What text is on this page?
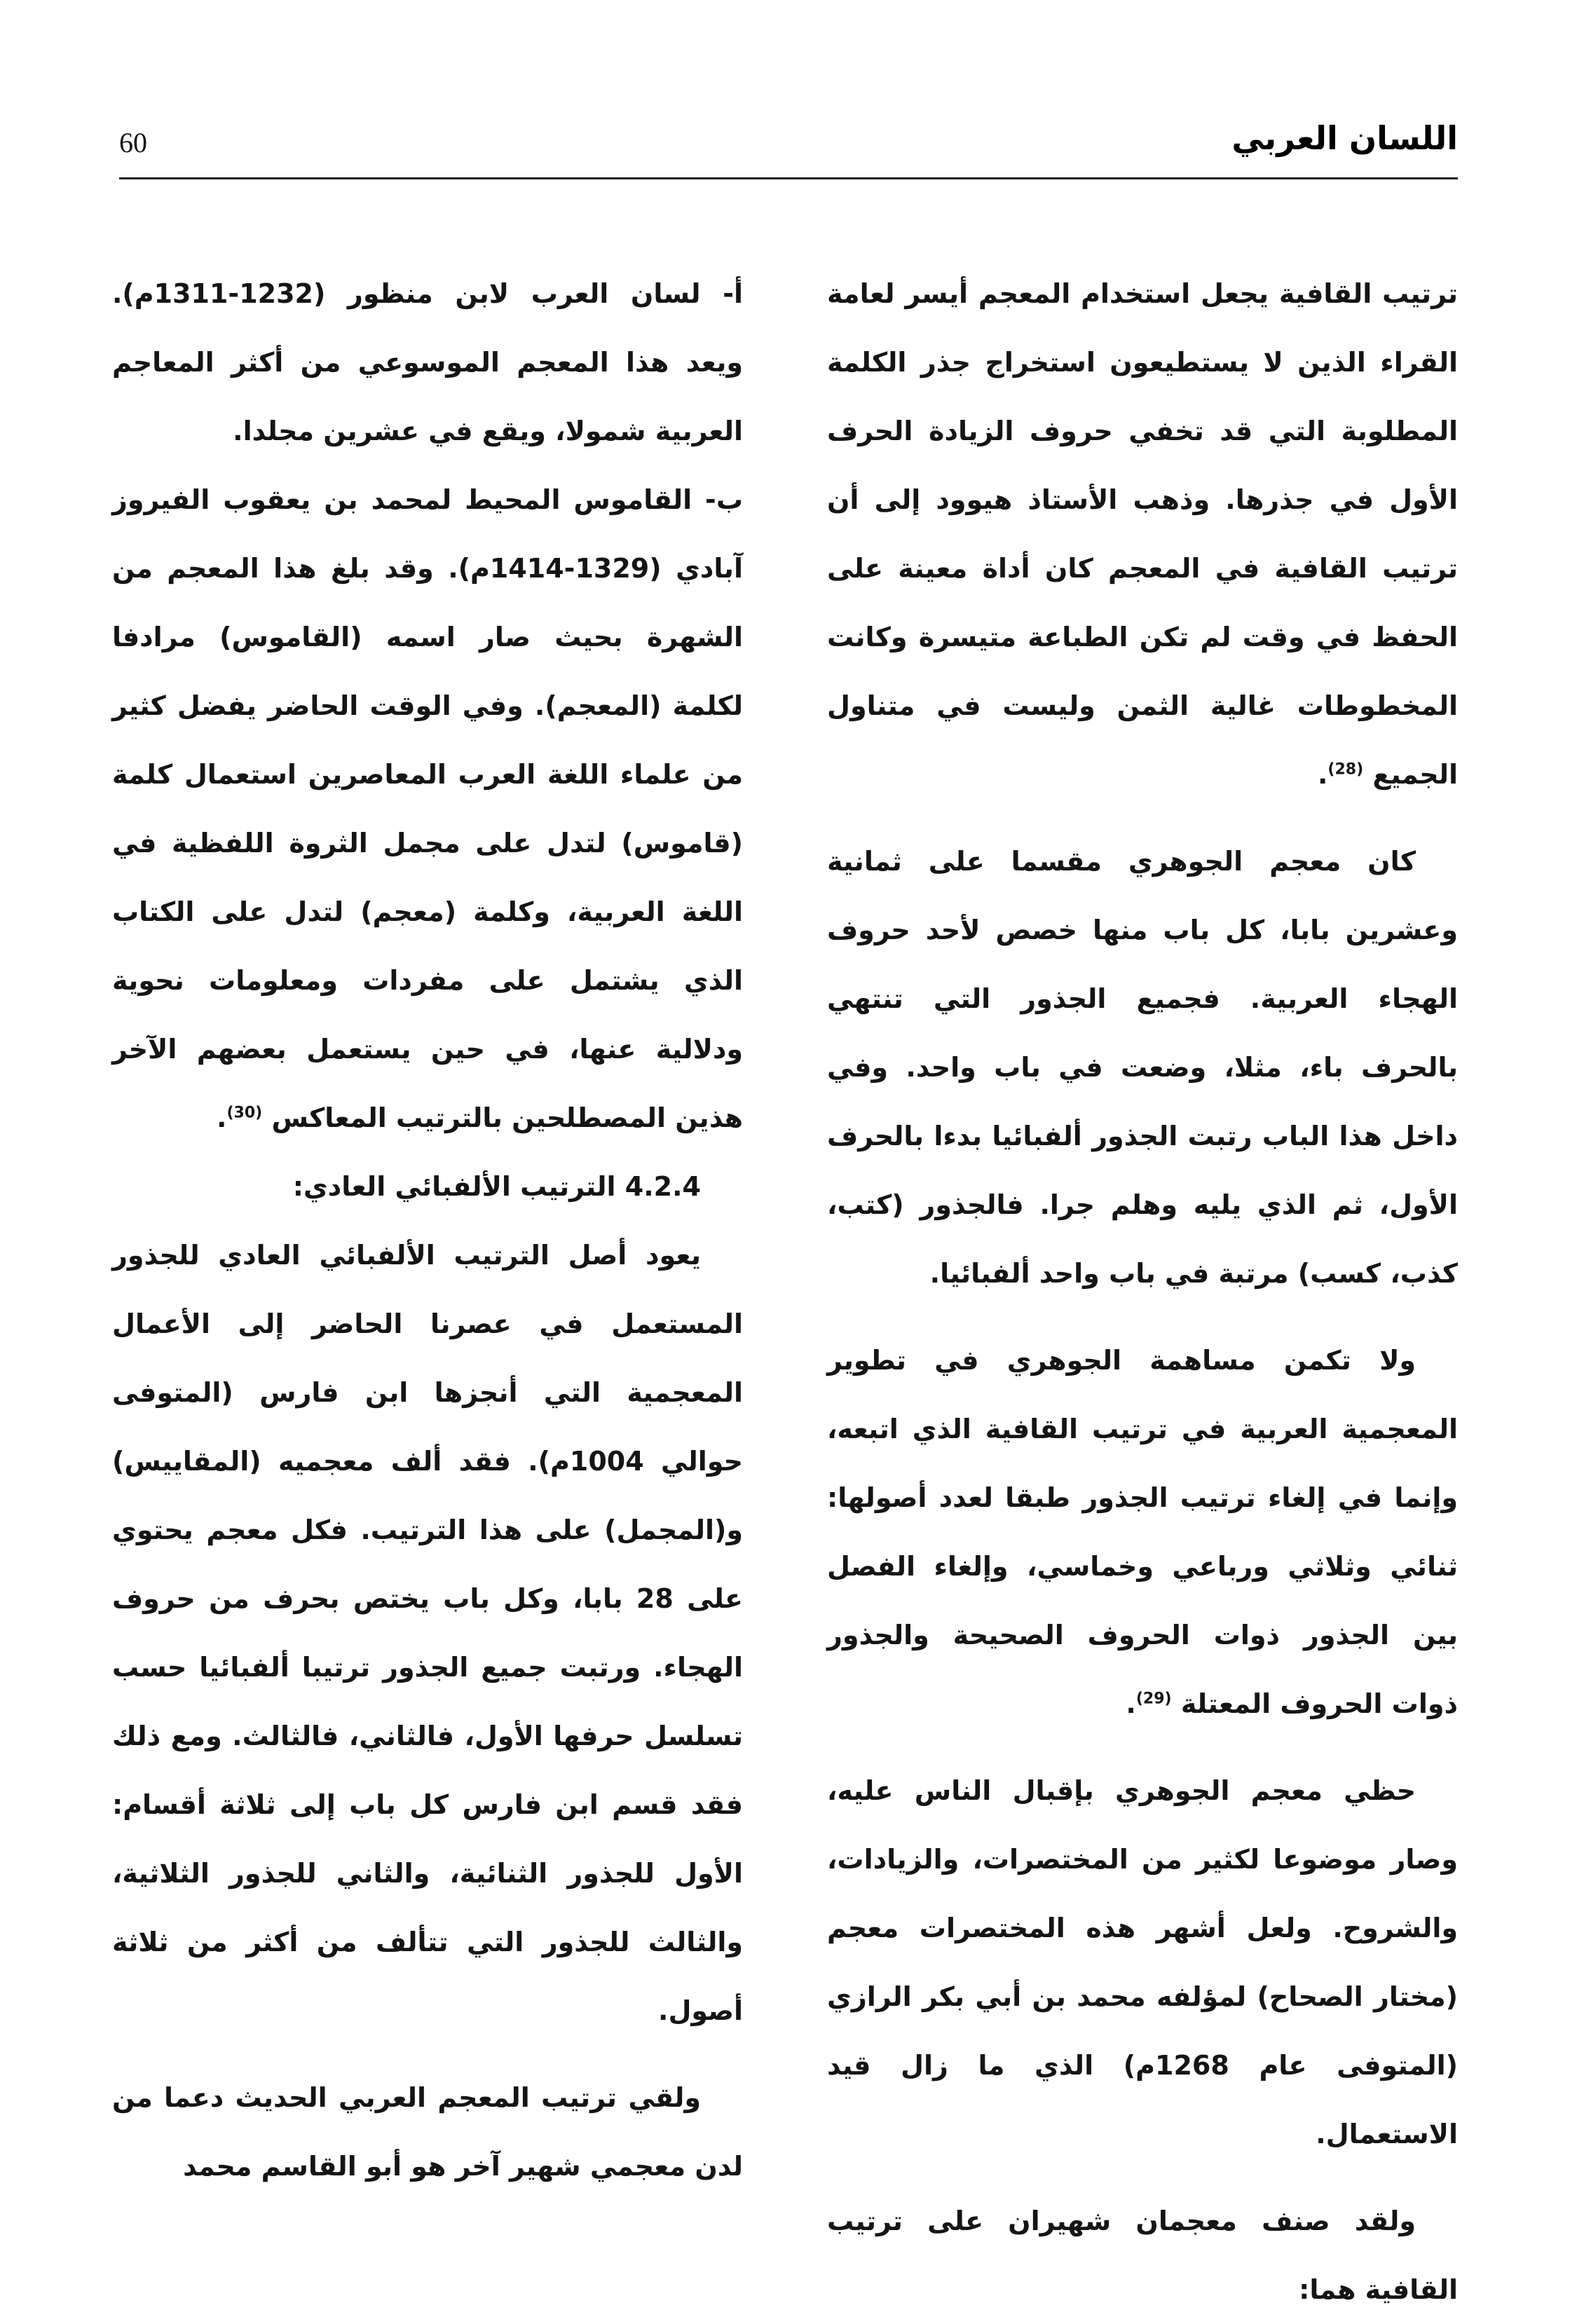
60	اللسان العربي

ترتيب القافية يجعل استخدام المعجم أيسر لعامة القراء الذين لا يستطيعون استخراج جذر الكلمة المطلوبة التي قد تخفي حروف الزيادة الحرف الأول في جذرها. وذهب الأستاذ هيوود إلى أن ترتيب القافية في المعجم كان أداة معينة على الحفظ في وقت لم تكن الطباعة متيسرة وكانت المخطوطات غالية الثمن وليست في متناول الجميع $^{(28)}$.

كان معجم الجوهري مقسما على ثمانية وعشرين بابا، كل باب منها خصص لأحد حروف الهجاء العربية. فجميع الجذور التي تنتهي بالحرف باء، مثلا، وضعت في باب واحد. وفي داخل هذا الباب رتبت الجذور ألفبائيا بدءا بالحرف الأول، ثم الذي يليه وهلم جرا. فالجذور (كتب، كذب، كسب) مرتبة في باب واحد ألفبائيا.

ولا تكمن مساهمة الجوهري في تطوير المعجمية العربية في ترتيب القافية الذي اتبعه، وإنما في إلغاء ترتيب الجذور طبقا لعدد أصولها: ثنائي وثلاثي ورباعي وخماسي، وإلغاء الفصل بين الجذور ذوات الحروف الصحيحة والجذور ذوات الحروف المعتلة $^{(29)}$.

حظي معجم الجوهري بإقبال الناس عليه، وصار موضوعا لكثير من المختصرات، والزيادات، والشروح. ولعل أشهر هذه المختصرات معجم (مختار الصحاح) لمؤلفه محمد بن أبي بكر الرازي (المتوفى عام 1268م) الذي ما زال قيد الاستعمال.

ولقد صنف معجمان شهيران على ترتيب القافية هما:

أ- لسان العرب لابن منظور (1232-1311م). ويعد هذا المعجم الموسوعي من أكثر المعاجم العربية شمولا، ويقع في عشرين مجلدا.

ب- القاموس المحيط لمحمد بن يعقوب الفيروز آبادي (1329-1414م). وقد بلغ هذا المعجم من الشهرة بحيث صار اسمه (القاموس) مرادفا لكلمة (المعجم). وفي الوقت الحاضر يفضل كثير من علماء اللغة العرب المعاصرين استعمال كلمة (قاموس) لتدل على مجمل الثروة اللفظية في اللغة العربية، وكلمة (معجم) لتدل على الكتاب الذي يشتمل على مفردات ومعلومات نحوية ودلالية عنها، في حين يستعمل بعضهم الآخر هذين المصطلحين بالترتيب المعاكس $^{(30)}$.

4.2.4 الترتيب الألفبائي العادي:

يعود أصل الترتيب الألفبائي العادي للجذور المستعمل في عصرنا الحاضر إلى الأعمال المعجمية التي أنجزها ابن فارس (المتوفى حوالي 1004م). فقد ألف معجميه (المقاييس) و(المجمل) على هذا الترتيب. فكل معجم يحتوي على 28 بابا، وكل باب يختص بحرف من حروف الهجاء. ورتبت جميع الجذور ترتيبا ألفبائيا حسب تسلسل حرفها الأول، فالثاني، فالثالث. ومع ذلك فقد قسم ابن فارس كل باب إلى ثلاثة أقسام: الأول للجذور الثنائية، والثاني للجذور الثلاثية، والثالث للجذور التي تتألف من أكثر من ثلاثة أصول.

ولقي ترتيب المعجم العربي الحديث دعما من لدن معجمي شهير آخر هو أبو القاسم محمد
